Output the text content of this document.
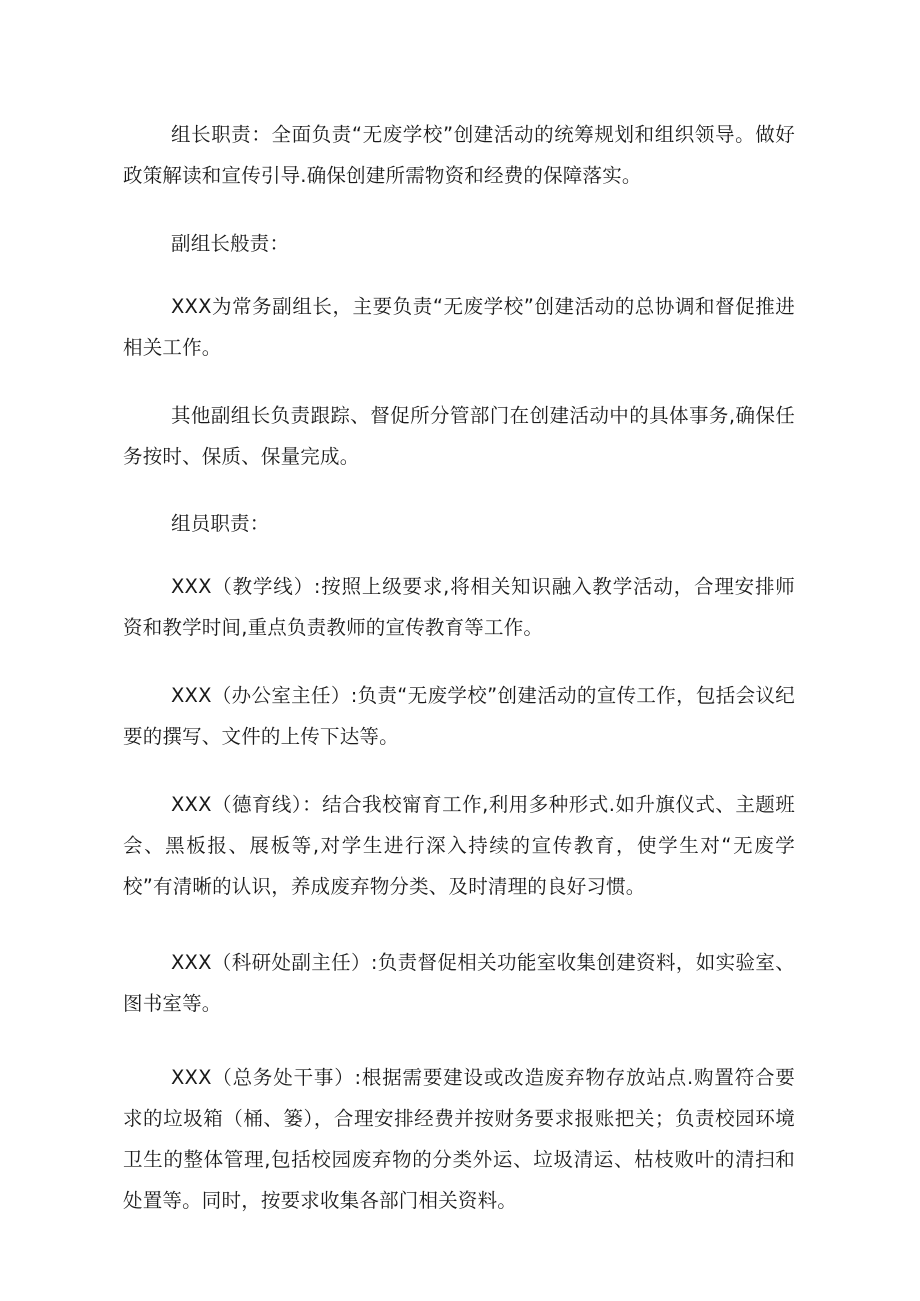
组长职责：全面负责“无废学校”创建活动的统筹规划和组织领导。做好政策解读和宣传引导.确保创建所需物资和经费的保障落实。

副组长般责：

XXX为常务副组长，主要负责“无废学校”创建活动的总协调和督促推进相关工作。

其他副组长负责跟踪、督促所分管部门在创建活动中的具体事务,确保任务按时、保质、保量完成。

组员职责：

XXX（教学线）:按照上级要求,将相关知识融入教学活动，合理安排师资和教学时间,重点负责教师的宣传教育等工作。

XXX（办公室主任）:负责“无废学校”创建活动的宣传工作，包括会议纪要的撰写、文件的上传下达等。

XXX（德育线）：结合我校甯育工作,利用多种形式.如升旗仪式、主题班会、黑板报、展板等,对学生进行深入持续的宣传教育，使学生对“无废学校”有清晰的认识，养成废弃物分类、及时清理的良好习惯。

XXX（科研处副主任）:负责督促相关功能室收集创建资料，如实验室、图书室等。

XXX（总务处干事）:根据需要建设或改造废弃物存放站点.购置符合要求的垃圾箱（桶、篓），合理安排经费并按财务要求报账把关；负责校园环境卫生的整体管理,包括校园废弃物的分类外运、垃圾清运、枯枝败叶的清扫和处置等。同时，按要求收集各部门相关资料。
